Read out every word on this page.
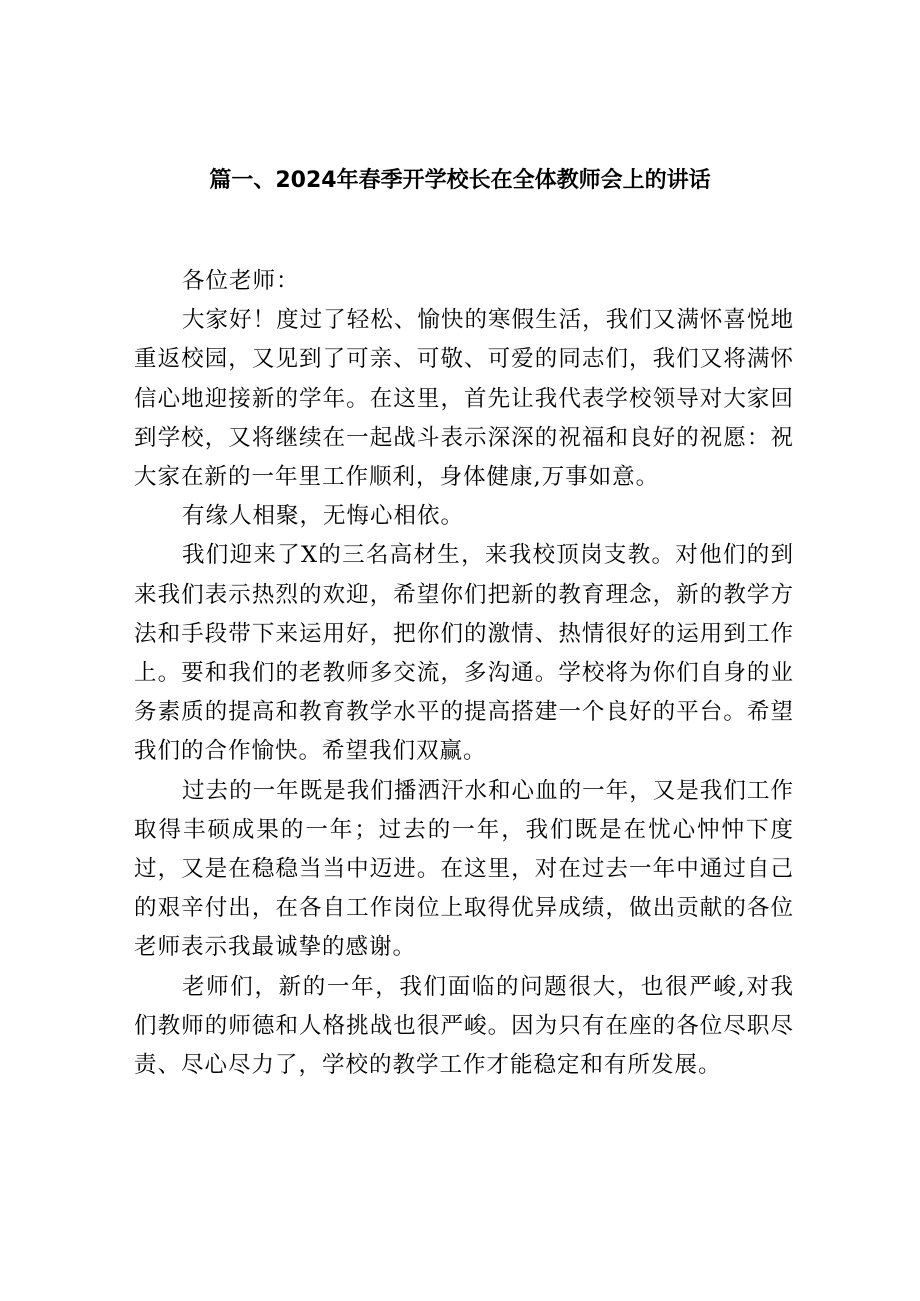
篇一、2024年春季开学校长在全体教师会上的讲话

各位老师：

大家好！度过了轻松、愉快的寒假生活，我们又满怀喜悦地重返校园，又见到了可亲、可敬、可爱的同志们，我们又将满怀信心地迎接新的学年。在这里，首先让我代表学校领导对大家回到学校，又将继续在一起战斗表示深深的祝福和良好的祝愿：祝大家在新的一年里工作顺利，身体健康,万事如意。

有缘人相聚，无悔心相依。

我们迎来了X的三名高材生，来我校顶岗支教。对他们的到来我们表示热烈的欢迎，希望你们把新的教育理念，新的教学方法和手段带下来运用好，把你们的激情、热情很好的运用到工作上。要和我们的老教师多交流，多沟通。学校将为你们自身的业务素质的提高和教育教学水平的提高搭建一个良好的平台。希望我们的合作愉快。希望我们双赢。

过去的一年既是我们播洒汗水和心血的一年，又是我们工作取得丰硕成果的一年；过去的一年，我们既是在忧心忡忡下度过，又是在稳稳当当中迈进。在这里，对在过去一年中通过自己的艰辛付出，在各自工作岗位上取得优异成绩，做出贡献的各位老师表示我最诚挚的感谢。

老师们，新的一年，我们面临的问题很大，也很严峻,对我们教师的师德和人格挑战也很严峻。因为只有在座的各位尽职尽责、尽心尽力了，学校的教学工作才能稳定和有所发展。
